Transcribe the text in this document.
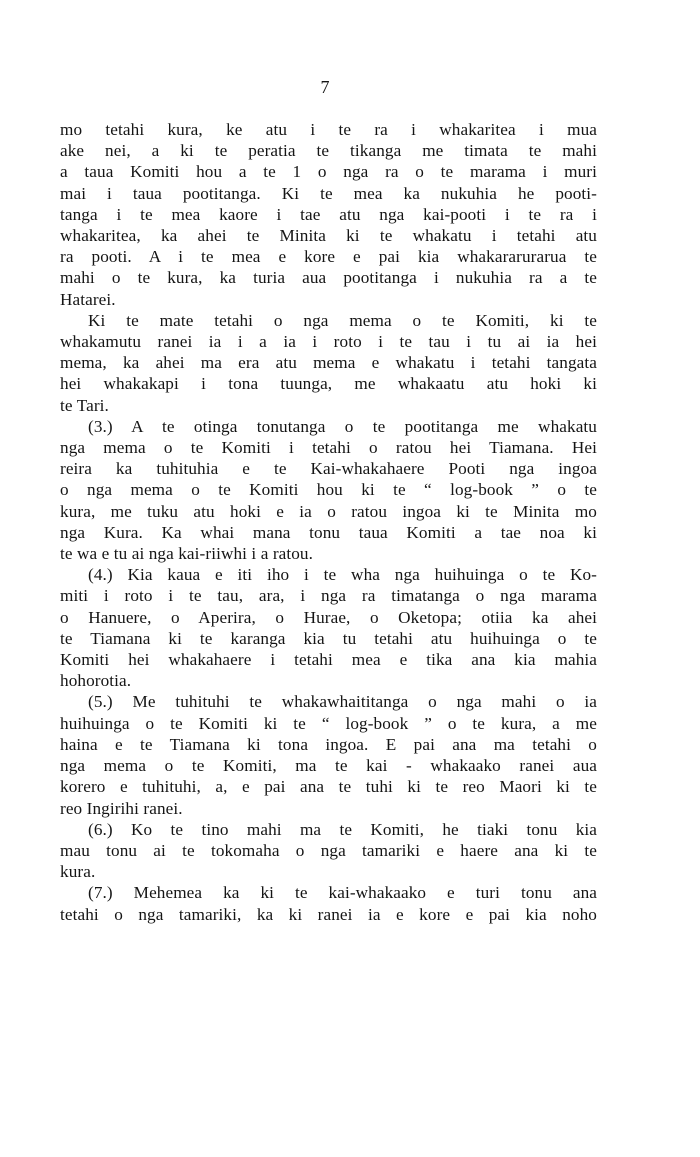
7
mo tetahi kura, ke atu i te ra i whakaritea i mua
ake nei, a ki te peratia te tikanga me timata te mahi
a taua Komiti hou a te 1 o nga ra o te marama i muri
mai i taua pootitanga. Ki te mea ka nukuhia he pooti-
tanga i te mea kaore i tae atu nga kai-pooti i te ra i
whakaritea, ka ahei te Minita ki te whakatu i tetahi atu
ra pooti. A i te mea e kore e pai kia whakararurarua te
mahi o te kura, ka turia aua pootitanga i nukuhia ra a te
Hatarei.
Ki te mate tetahi o nga mema o te Komiti, ki te
whakamutu ranei ia i a ia i roto i te tau i tu ai ia hei
mema, ka ahei ma era atu mema e whakatu i tetahi tangata
hei whakakapi i tona tuunga, me whakaatu atu hoki ki
te Tari.
(3.) A te otinga tonutanga o te pootitanga me whakatu
nga mema o te Komiti i tetahi o ratou hei Tiamana. Hei
reira ka tuhituhia e te Kai-whakahaere Pooti nga ingoa
o nga mema o te Komiti hou ki te “ log-book ” o te
kura, me tuku atu hoki e ia o ratou ingoa ki te Minita mo
nga Kura. Ka whai mana tonu taua Komiti a tae noa ki
te wa e tu ai nga kai-riiwhi i a ratou.
(4.) Kia kaua e iti iho i te wha nga huihuinga o te Ko-
miti i roto i te tau, ara, i nga ra timatanga o nga marama
o Hanuere, o Aperira, o Hurae, o Oketopa; otiia ka ahei
te Tiamana ki te karanga kia tu tetahi atu huihuinga o te
Komiti hei whakahaere i tetahi mea e tika ana kia mahia
hohorotia.
(5.) Me tuhituhi te whakawhaititanga o nga mahi o ia
huihuinga o te Komiti ki te “ log-book ” o te kura, a me
haina e te Tiamana ki tona ingoa. E pai ana ma tetahi o
nga mema o te Komiti, ma te kai - whakaako ranei aua
korero e tuhituhi, a, e pai ana te tuhi ki te reo Maori ki te
reo Ingirihi ranei.
(6.) Ko te tino mahi ma te Komiti, he tiaki tonu kia
mau tonu ai te tokomaha o nga tamariki e haere ana ki te
kura.
(7.) Mehemea ka ki te kai-whakaako e turi tonu ana
tetahi o nga tamariki, ka ki ranei ia e kore e pai kia noho
